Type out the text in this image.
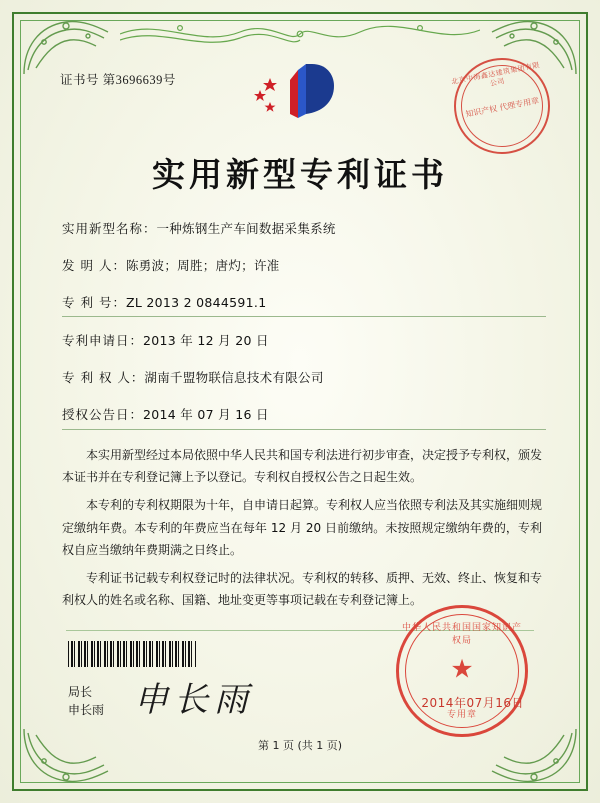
证书号 第3696639号	北京中海鑫达建筑集团有限公司
知识产权 代理专用章
实用新型专利证书
实用新型名称：一种炼钢生产车间数据采集系统
发 明 人：陈勇波；周胜；唐灼；许准
专 利 号：ZL 2013 2 0844591.1
专利申请日：2013 年 12 月 20 日
专 利 权 人：湖南千盟物联信息技术有限公司
授权公告日：2014 年 07 月 16 日

本实用新型经过本局依照中华人民共和国专利法进行初步审查，决定授予专利权，颁发本证书并在专利登记簿上予以登记。专利权自授权公告之日起生效。

本专利的专利权期限为十年，自申请日起算。专利权人应当依照专利法及其实施细则规定缴纳年费。本专利的年费应当在每年 12 月 20 日前缴纳。未按照规定缴纳年费的，专利权自应当缴纳年费期满之日终止。

专利证书记载专利权登记时的法律状况。专利权的转移、质押、无效、终止、恢复和专利权人的姓名或名称、国籍、地址变更等事项记载在专利登记簿上。

局长
申长雨 申长雨
中华人民共和国国家知识产权局
★
专用章
2014年07月16日
第 1 页 (共 1 页)
